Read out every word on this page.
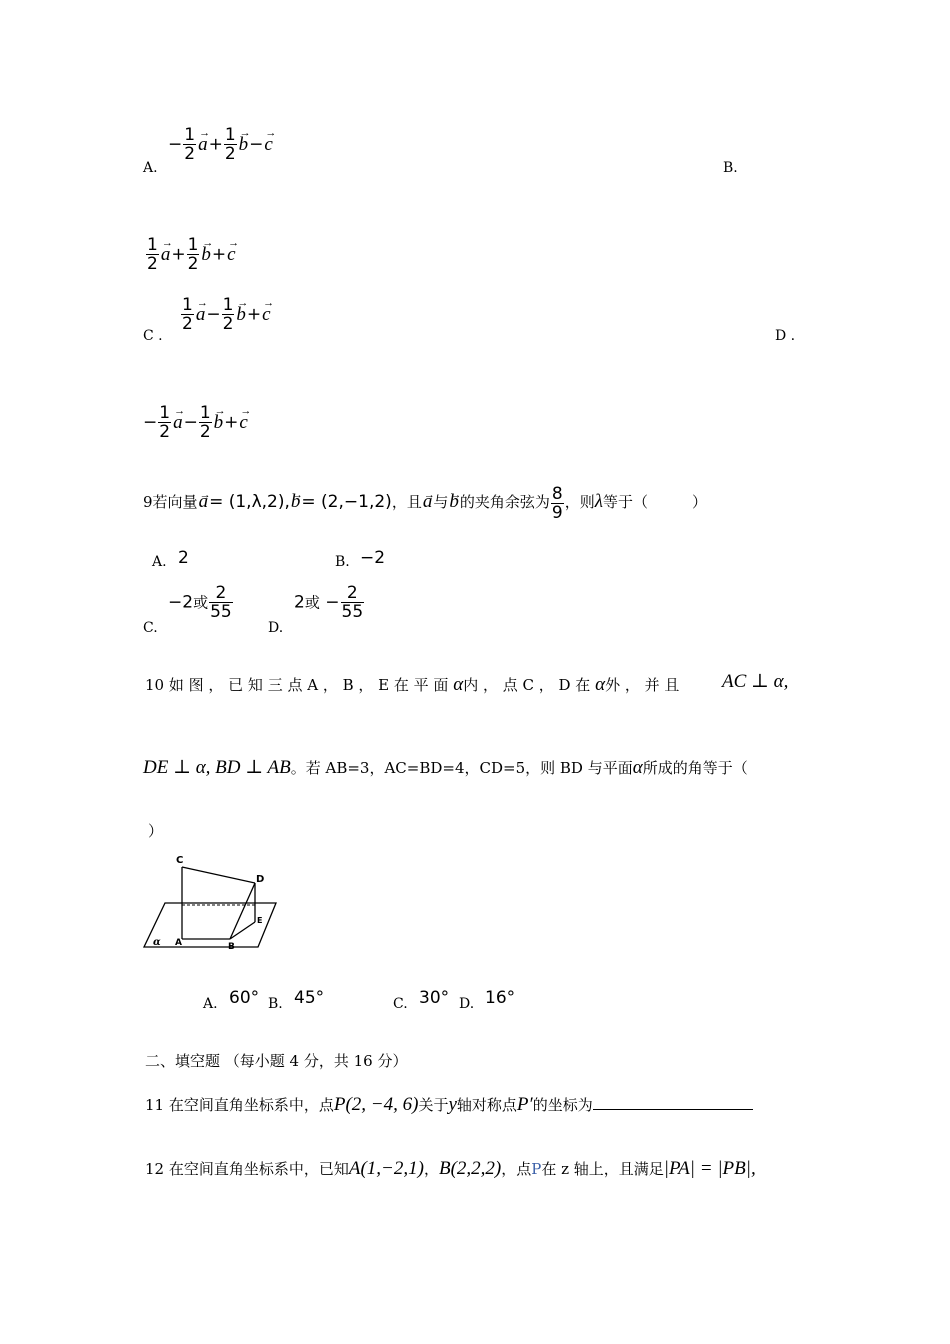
A.
− $\frac{1}{2}$
→ $a+ \frac{1}{2}$
→ b−→ c
B.
$\frac{1}{2}$
→ $a+ \frac{1}{2}$
→ b+→ c
C .
$\frac{1}{2}$
→ $a- \frac{1}{2}$
→ b+→ c
D .
− $\frac{1}{2}$
→ $a- \frac{1}{2}$
→ b+→ c
9若向量→ a= (1,λ,2),→ b= (2,−1,2)，且→ a与→ b的夹角余弦为 $\frac{8}{9}$ ，则λ等于（	）
A. 2	B. −2
C.
−2或 $\frac{2}{55}$
D.
2或 − $\frac{2}{55}$
10 如 图 ， 已 知 三 点 A ， B ， E 在 平 面 α内 ， 点 C ， D 在 α外 ， 并 且 AC ⊥ α,
DE ⊥ α, BD ⊥ AB。若 AB=3，AC=BD=4，CD=5，则 BD 与平面α所成的角等于（
）
C
D
E
A	B
α
A. 60° B. 45°	C. 30° D. 16°
二、填空题 （每小题 4 分，共 16 分）
11 在空间直角坐标系中，点P(2, −4, 6)关于y轴对称点P′的坐标为
12 在空间直角坐标系中，已知A(1,−2,1)，B(2,2,2)，点P在 z 轴上，且满足|PA| = |PB|,
